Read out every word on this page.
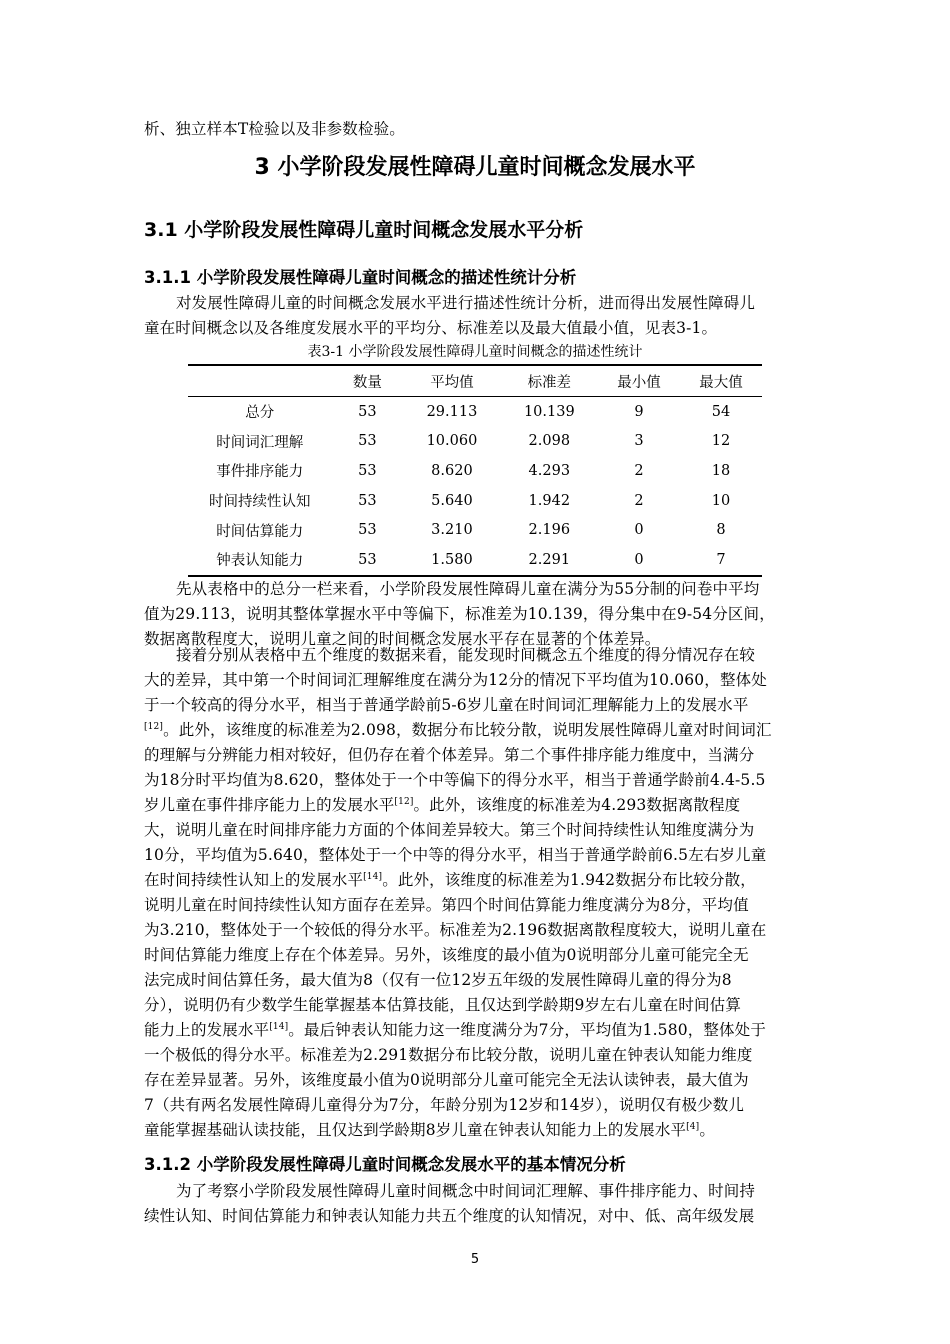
析、独立样本T检验以及非参数检验。
3 小学阶段发展性障碍儿童时间概念发展水平
3.1 小学阶段发展性障碍儿童时间概念发展水平分析
3.1.1 小学阶段发展性障碍儿童时间概念的描述性统计分析
对发展性障碍儿童的时间概念发展水平进行描述性统计分析，进而得出发展性障碍儿
童在时间概念以及各维度发展水平的平均分、标准差以及最大值最小值，见表3-1。
表3-1 小学阶段发展性障碍儿童时间概念的描述性统计
	数量	平均值	标准差	最小值	最大值
总分	53	29.113	10.139	9	54
时间词汇理解	53	10.060	2.098	3	12
事件排序能力	53	8.620	4.293	2	18
时间持续性认知	53	5.640	1.942	2	10
时间估算能力	53	3.210	2.196	0	8
钟表认知能力	53	1.580	2.291	0	7
先从表格中的总分一栏来看，小学阶段发展性障碍儿童在满分为55分制的问卷中平均
值为29.113，说明其整体掌握水平中等偏下，标准差为10.139，得分集中在9-54分区间，
数据离散程度大，说明儿童之间的时间概念发展水平存在显著的个体差异。
接着分别从表格中五个维度的数据来看，能发现时间概念五个维度的得分情况存在较
大的差异，其中第一个时间词汇理解维度在满分为12分的情况下平均值为10.060，整体处
于一个较高的得分水平，相当于普通学龄前5-6岁儿童在时间词汇理解能力上的发展水平
[12]。此外，该维度的标准差为2.098，数据分布比较分散，说明发展性障碍儿童对时间词汇
的理解与分辨能力相对较好，但仍存在着个体差异。第二个事件排序能力维度中，当满分
为18分时平均值为8.620，整体处于一个中等偏下的得分水平，相当于普通学龄前4.4-5.5
岁儿童在事件排序能力上的发展水平[12]。此外，该维度的标准差为4.293数据离散程度
大，说明儿童在时间排序能力方面的个体间差异较大。第三个时间持续性认知维度满分为
10分，平均值为5.640，整体处于一个中等的得分水平，相当于普通学龄前6.5左右岁儿童
在时间持续性认知上的发展水平[14]。此外，该维度的标准差为1.942数据分布比较分散，
说明儿童在时间持续性认知方面存在差异。第四个时间估算能力维度满分为8分，平均值
为3.210，整体处于一个较低的得分水平。标准差为2.196数据离散程度较大，说明儿童在
时间估算能力维度上存在个体差异。另外，该维度的最小值为0说明部分儿童可能完全无
法完成时间估算任务，最大值为8（仅有一位12岁五年级的发展性障碍儿童的得分为8
分），说明仍有少数学生能掌握基本估算技能，且仅达到学龄期9岁左右儿童在时间估算
能力上的发展水平[14]。最后钟表认知能力这一维度满分为7分，平均值为1.580，整体处于
一个极低的得分水平。标准差为2.291数据分布比较分散，说明儿童在钟表认知能力维度
存在差异显著。另外，该维度最小值为0说明部分儿童可能完全无法认读钟表，最大值为
7（共有两名发展性障碍儿童得分为7分，年龄分别为12岁和14岁），说明仅有极少数儿
童能掌握基础认读技能，且仅达到学龄期8岁儿童在钟表认知能力上的发展水平[4]。
3.1.2 小学阶段发展性障碍儿童时间概念发展水平的基本情况分析
为了考察小学阶段发展性障碍儿童时间概念中时间词汇理解、事件排序能力、时间持
续性认知、时间估算能力和钟表认知能力共五个维度的认知情况，对中、低、高年级发展
5
